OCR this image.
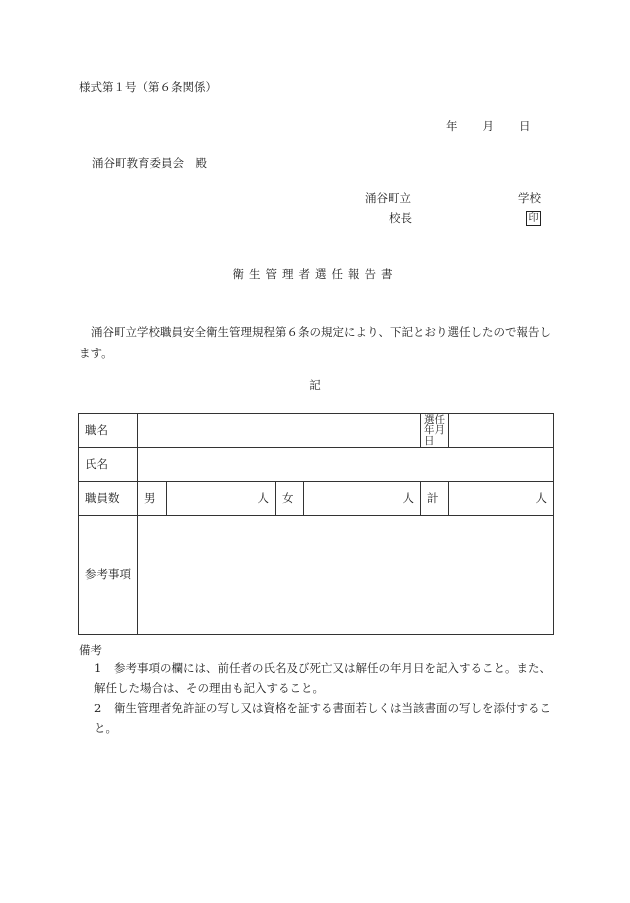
様式第１号（第６条関係）
年 月 日
涌谷町教育委員会　殿
涌谷町立	学校
校長	印
衛生管理者選任報告書
涌谷町立学校職員安全衛生管理規程第６条の規定により、下記とおり選任したので報告します。
記
職名					選任年月日	
氏名						
職員数	男	人	女	人	計	人
参考事項						
備考
1 参考事項の欄には、前任者の氏名及び死亡又は解任の年月日を記入すること。また、解任した場合は、その理由も記入すること。
2 衛生管理者免許証の写し又は資格を証する書面若しくは当該書面の写しを添付すること。
